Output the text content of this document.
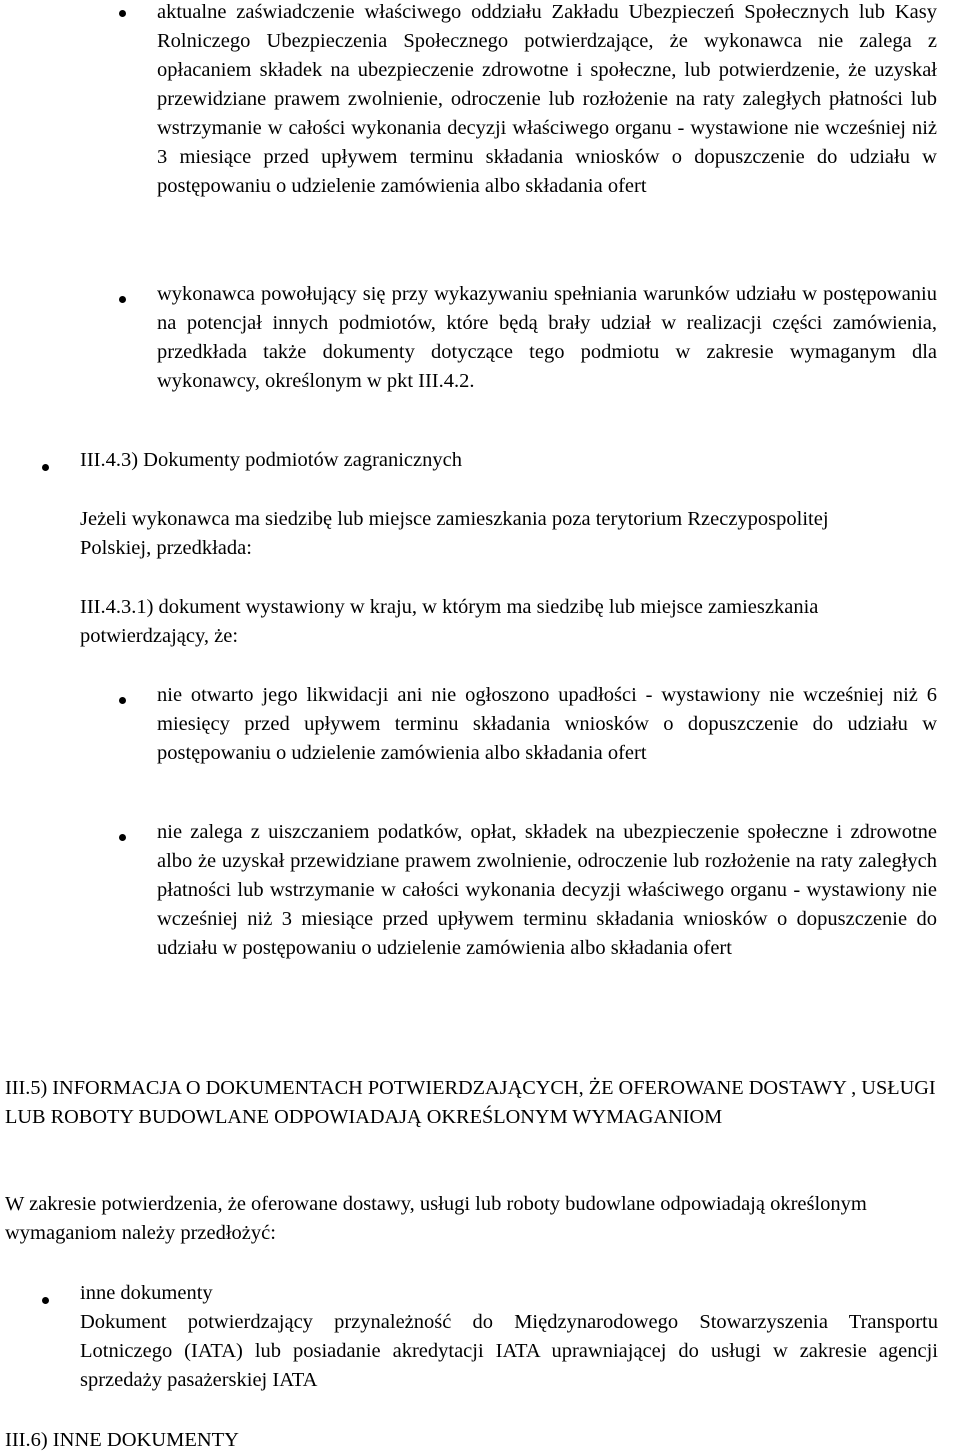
aktualne zaświadczenie właściwego oddziału Zakładu Ubezpieczeń Społecznych lub Kasy Rolniczego Ubezpieczenia Społecznego potwierdzające, że wykonawca nie zalega z opłacaniem składek na ubezpieczenie zdrowotne i społeczne, lub potwierdzenie, że uzyskał przewidziane prawem zwolnienie, odroczenie lub rozłożenie na raty zaległych płatności lub wstrzymanie w całości wykonania decyzji właściwego organu - wystawione nie wcześniej niż 3 miesiące przed upływem terminu składania wniosków o dopuszczenie do udziału w postępowaniu o udzielenie zamówienia albo składania ofert

wykonawca powołujący się przy wykazywaniu spełniania warunków udziału w postępowaniu na potencjał innych podmiotów, które będą brały udział w realizacji części zamówienia, przedkłada także dokumenty dotyczące tego podmiotu w zakresie wymaganym dla wykonawcy, określonym w pkt III.4.2.

III.4.3) Dokumenty podmiotów zagranicznych

Jeżeli wykonawca ma siedzibę lub miejsce zamieszkania poza terytorium Rzeczypospolitej Polskiej, przedkłada:

III.4.3.1) dokument wystawiony w kraju, w którym ma siedzibę lub miejsce zamieszkania potwierdzający, że:

nie otwarto jego likwidacji ani nie ogłoszono upadłości - wystawiony nie wcześniej niż 6 miesięcy przed upływem terminu składania wniosków o dopuszczenie do udziału w postępowaniu o udzielenie zamówienia albo składania ofert

nie zalega z uiszczaniem podatków, opłat, składek na ubezpieczenie społeczne i zdrowotne albo że uzyskał przewidziane prawem zwolnienie, odroczenie lub rozłożenie na raty zaległych płatności lub wstrzymanie w całości wykonania decyzji właściwego organu - wystawiony nie wcześniej niż 3 miesiące przed upływem terminu składania wniosków o dopuszczenie do udziału w postępowaniu o udzielenie zamówienia albo składania ofert

III.5) INFORMACJA O DOKUMENTACH POTWIERDZAJĄCYCH, ŻE OFEROWANE DOSTAWY , USŁUGI LUB ROBOTY BUDOWLANE ODPOWIADAJĄ OKREŚLONYM WYMAGANIOM

W zakresie potwierdzenia, że oferowane dostawy, usługi lub roboty budowlane odpowiadają określonym wymaganiom należy przedłożyć:

inne dokumenty

Dokument potwierdzający przynależność do Międzynarodowego Stowarzyszenia Transportu Lotniczego (IATA) lub posiadanie akredytacji IATA uprawniającej do usługi w zakresie agencji sprzedaży pasażerskiej IATA

III.6) INNE DOKUMENTY
